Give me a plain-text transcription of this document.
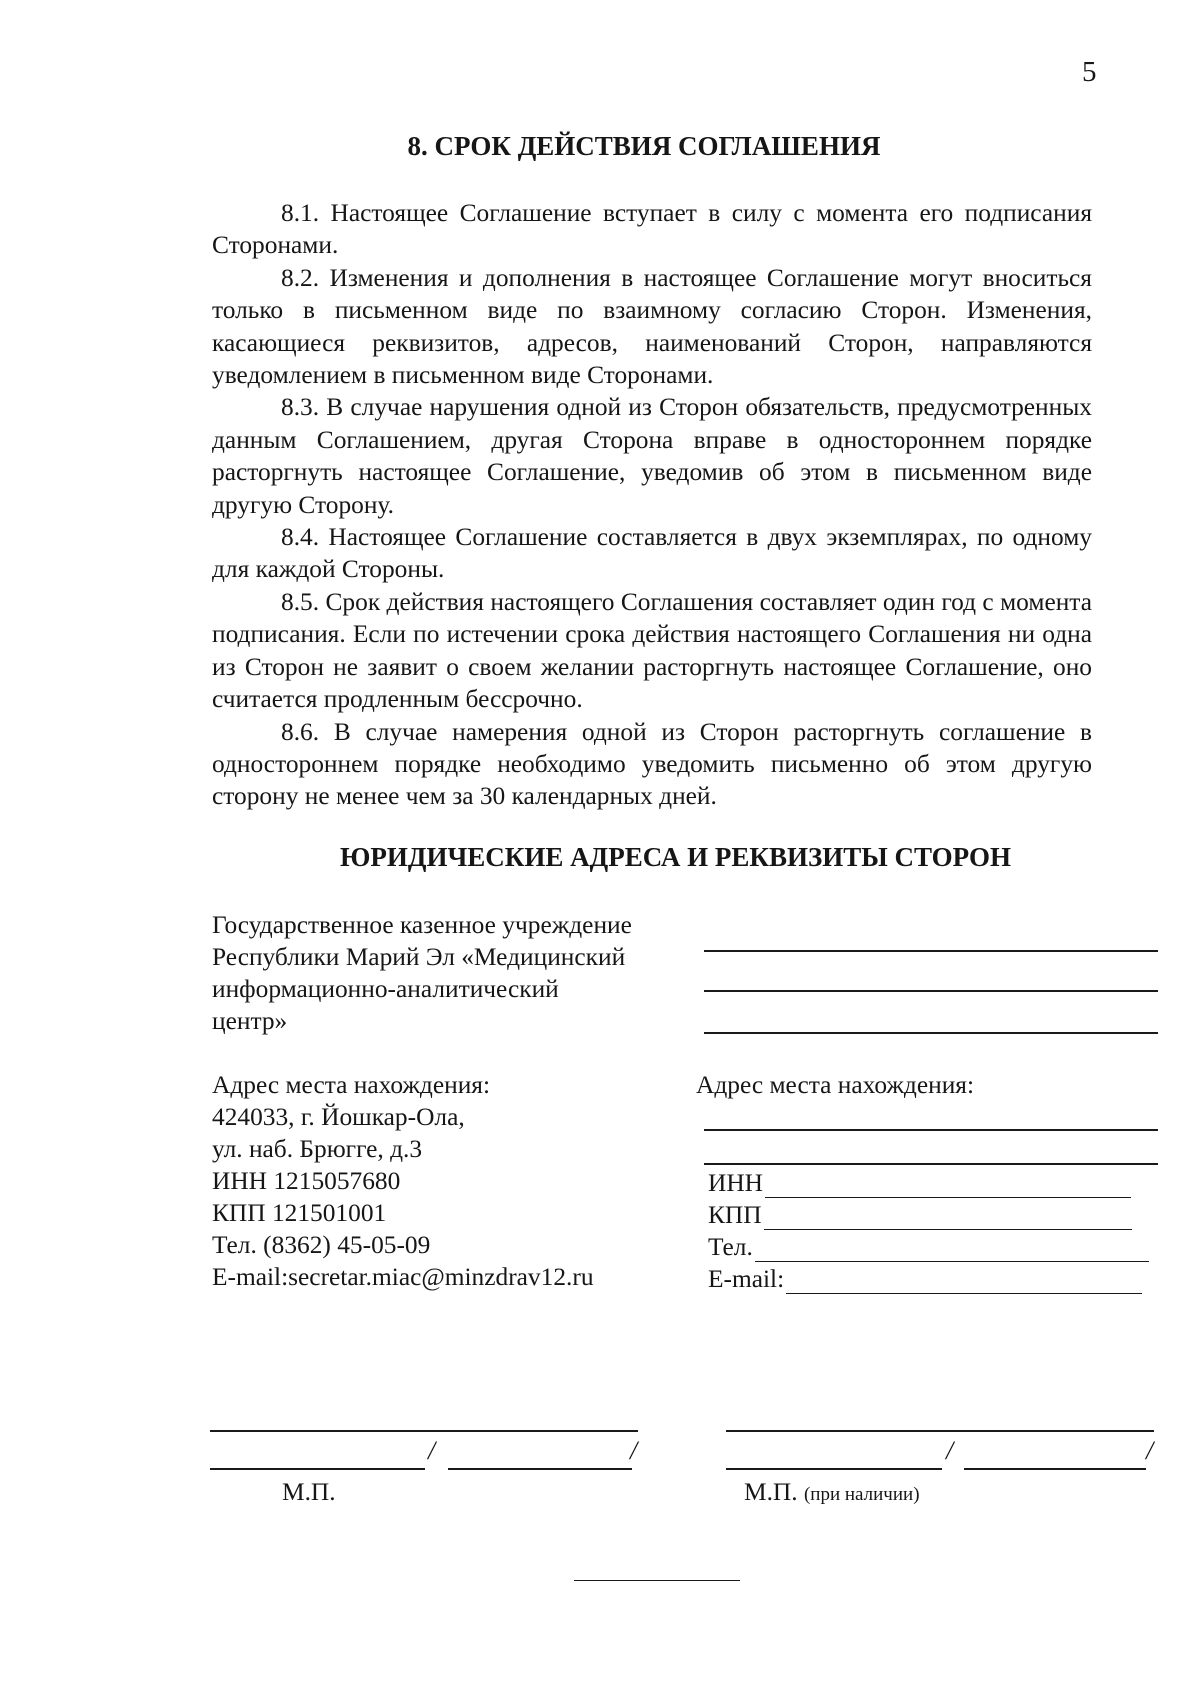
5
8. СРОК ДЕЙСТВИЯ СОГЛАШЕНИЯ

8.1. Настоящее Соглашение вступает в силу с момента его подписания Сторонами.

8.2. Изменения и дополнения в настоящее Соглашение могут вноситься только в письменном виде по взаимному согласию Сторон. Изменения, касающиеся реквизитов, адресов, наименований Сторон, направляются уведомлением в письменном виде Сторонами.

8.3. В случае нарушения одной из Сторон обязательств, предусмотренных данным Соглашением, другая Сторона вправе в одностороннем порядке расторгнуть настоящее Соглашение, уведомив об этом в письменном виде другую Сторону.

8.4. Настоящее Соглашение составляется в двух экземплярах, по одному для каждой Стороны.

8.5. Срок действия настоящего Соглашения составляет один год с момента подписания. Если по истечении срока действия настоящего Соглашения ни одна из Сторон не заявит о своем желании расторгнуть настоящее Соглашение, оно считается продленным бессрочно.

8.6. В случае намерения одной из Сторон расторгнуть соглашение в одностороннем порядке необходимо уведомить письменно об этом другую сторону не менее чем за 30 календарных дней.

ЮРИДИЧЕСКИЕ АДРЕСА И РЕКВИЗИТЫ СТОРОН
Государственное казенное учреждение
Республики Марий Эл «Медицинский
информационно-аналитический
центр»
Адрес места нахождения:
424033, г. Йошкар-Ола,
ул. наб. Брюгге, д.3
ИНН 1215057680
КПП 121501001
Тел. (8362) 45-05-09
E-mail:secretar.miac@minzdrav12.ru
Адрес места нахождения:
ИНН
КПП
Тел.
E-mail:
/	/
М.П.
/	/
М.П. (при наличии)
